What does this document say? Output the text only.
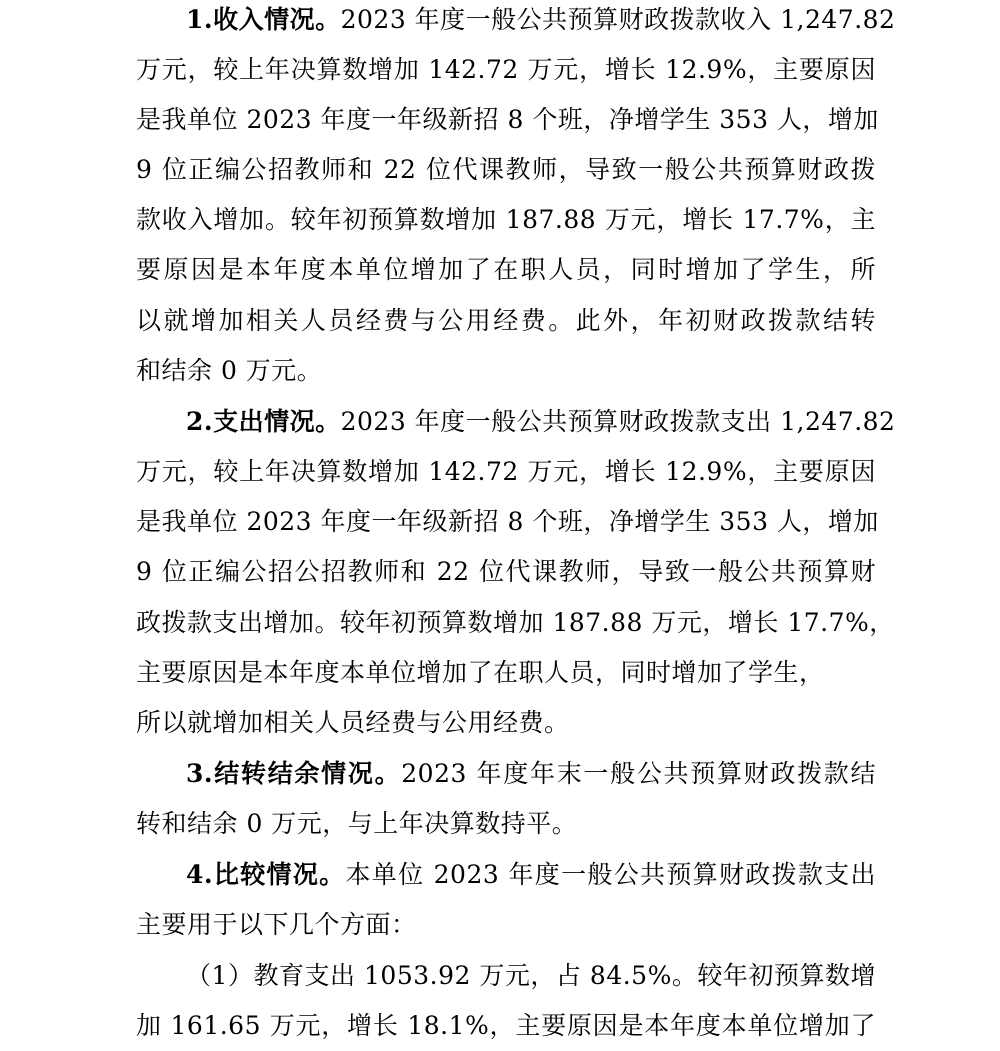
1.收入情况。2023 年度一般公共预算财政拨款收入 1,247.82
万元，较上年决算数增加 142.72 万元，增长 12.9%，主要原因
是我单位 2023 年度一年级新招 8 个班，净增学生 353 人，增加
9 位正编公招教师和 22 位代课教师，导致一般公共预算财政拨
款收入增加。较年初预算数增加 187.88 万元，增长 17.7%，主
要原因是本年度本单位增加了在职人员，同时增加了学生，所
以就增加相关人员经费与公用经费。此外，年初财政拨款结转
和结余 0 万元。
2.支出情况。2023 年度一般公共预算财政拨款支出 1,247.82
万元，较上年决算数增加 142.72 万元，增长 12.9%，主要原因
是我单位 2023 年度一年级新招 8 个班，净增学生 353 人，增加
9 位正编公招公招教师和 22 位代课教师，导致一般公共预算财
政拨款支出增加。较年初预算数增加 187.88 万元，增长 17.7%，
主要原因是本年度本单位增加了在职人员，同时增加了学生，
所以就增加相关人员经费与公用经费。
3.结转结余情况。2023 年度年末一般公共预算财政拨款结
转和结余 0 万元，与上年决算数持平。
4.比较情况。本单位 2023 年度一般公共预算财政拨款支出
主要用于以下几个方面：
（1）教育支出 1053.92 万元，占 84.5%。较年初预算数增
加 161.65 万元，增长 18.1%，主要原因是本年度本单位增加了
